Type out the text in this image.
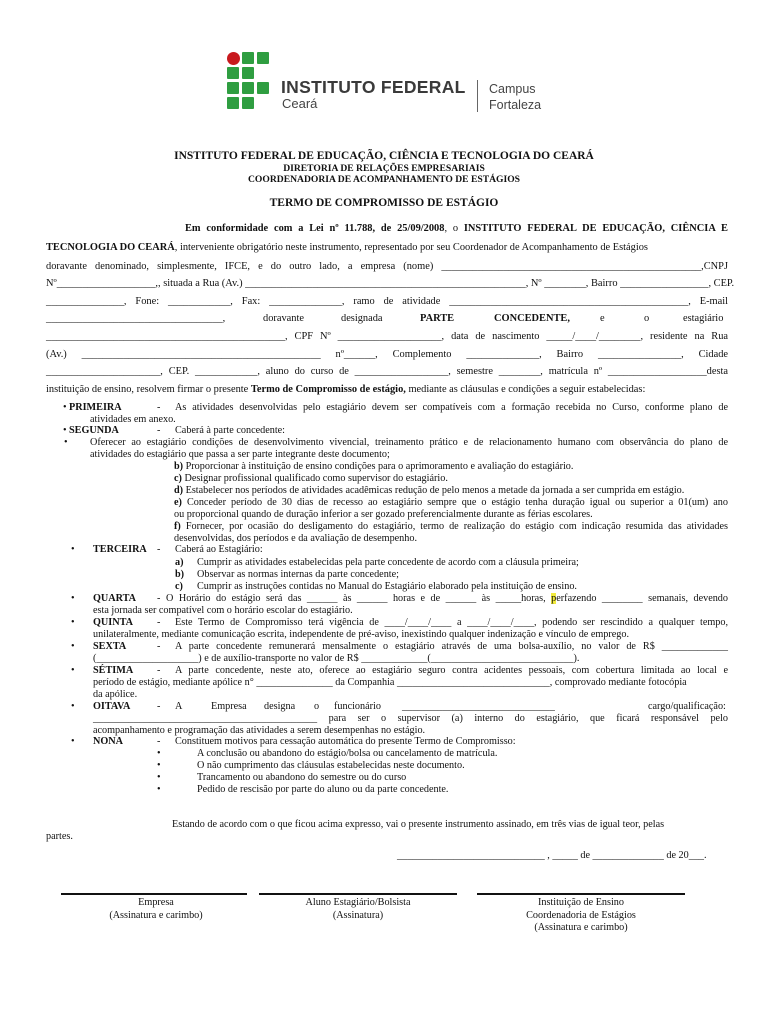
INSTITUTO FEDERAL
Ceará
Campus
Fortaleza
INSTITUTO FEDERAL DE EDUCAÇÃO, CIÊNCIA E TECNOLOGIA DO CEARÁ
DIRETORIA DE RELAÇÕES EMPRESARIAIS
COORDENADORIA DE ACOMPANHAMENTO DE ESTÁGIOS
TERMO DE COMPROMISSO DE ESTÁGIO
Em conformidade com a Lei nº 11.788, de 25/09/2008, o INSTITUTO FEDERAL DE EDUCAÇÃO, CIÊNCIA E
TECNOLOGIA DO CEARÁ, interveniente obrigatório neste instrumento, representado por seu Coordenador de Acompanhamento de Estágios
doravante denominado, simplesmente, IFCE, e do outro lado, a empresa (nome) __________________________________________________,CNPJ
Nº___________________,, situada a Rua (Av.) ______________________________________________________, Nº ________, Bairro _________________, CEP.
_______________, Fone: ____________, Fax: ______________, ramo de atividade ______________________________________________, E-mail
__________________________________,	doravante	designada	PARTE	CONCEDENTE,	e	o	estagiário
______________________________________________, CPF Nº ____________________, data de nascimento _____/____/________, residente na Rua
(Av.) ______________________________________________ nº______, Complemento ______________, Bairro ________________, Cidade
______________________, CEP. ____________, aluno do curso de __________________, semestre ________, matrícula nº ___________________desta
instituição de ensino, resolvem firmar o presente Termo de Compromisso de estágio, mediante as cláusulas e condições a seguir estabelecidas:
• PRIMEIRA	- As atividades desenvolvidas pelo estagiário devem ser compatíveis com a formação recebida no Curso, conforme plano de
atividades em anexo.
• SEGUNDA	- Caberá à parte concedente:
• Oferecer ao estagiário condições de desenvolvimento vivencial, treinamento prático e de relacionamento humano com observância do plano de
atividades do estagiário que passa a ser parte integrante deste documento;
b) Proporcionar à instituição de ensino condições para o aprimoramento e avaliação do estagiário.
c) Designar profissional qualificado como supervisor do estagiário.
d) Estabelecer nos períodos de atividades acadêmicas redução de pelo menos a metade da jornada a ser cumprida em estágio.
e) Conceder período de 30 dias de recesso ao estagiário sempre que o estágio tenha duração igual ou superior a 01(um) ano
ou proporcional quando de duração inferior a ser gozado preferencialmente durante as férias escolares.
f) Fornecer, por ocasião do desligamento do estagiário, termo de realização do estágio com indicação resumida das atividades
desenvolvidas, dos períodos e da avaliação de desempenho.
• TERCEIRA - Caberá ao Estagiário:
a) Cumprir as atividades estabelecidas pela parte concedente de acordo com a cláusula primeira;
b) Observar as normas internas da parte concedente;
c) Cumprir as instruções contidas no Manual do Estagiário elaborado pela instituição de ensino.
• QUARTA - O Horário do estágio será das ______ às ______ horas e de ______ às _____horas, perfazendo ________ semanais, devendo
esta jornada ser compatível com o horário escolar do estagiário.
• QUINTA - Este Termo de Compromisso terá vigência de ____/____/____ a ____/____/____, podendo ser rescindido a qualquer tempo,
unilateralmente, mediante comunicação escrita, independente de pré-aviso, inexistindo qualquer indenização e vínculo de emprego.
• SEXTA	- A parte concedente remunerará mensalmente o estagiário através de uma bolsa-auxílio, no valor de R$ _____________
(____________________) e de auxílio-transporte no valor de R$ _____________(____________________________).
• SÉTIMA - A parte concedente, neste ato, oferece ao estagiário seguro contra acidentes pessoais, com cobertura limitada ao local e
período de estágio, mediante apólice n° _______________ da Companhia ______________________________, comprovado mediante fotocópia
da apólice.
• OITAVA	- A	Empresa designa o funcionário ______________________________	cargo/qualificação:
____________________________________________ para ser o supervisor (a) interno do estagiário, que ficará responsável pelo
acompanhamento e programação das atividades a serem desempenhas no estágio.
• NONA	- Constituem motivos para cessação automática do presente Termo de Compromisso:
•	A conclusão ou abandono do estágio/bolsa ou cancelamento de matrícula.
•	O não cumprimento das cláusulas estabelecidas neste documento.
•	Trancamento ou abandono do semestre ou do curso
•	Pedido de rescisão por parte do aluno ou da parte concedente.
Estando de acordo com o que ficou acima expresso, vai o presente instrumento assinado, em três vias de igual teor, pelas
partes.
_____________________________ , _____ de ______________ de 20___.
Empresa
(Assinatura e carimbo)
Aluno Estagiário/Bolsista
(Assinatura)
Instituição de Ensino
Coordenadoria de Estágios
(Assinatura e carimbo)
